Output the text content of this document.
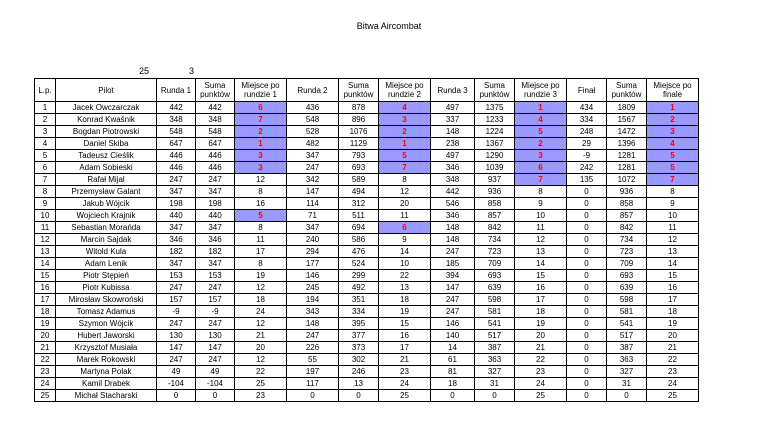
Bitwa Aircombat
25	3
L.p.	Pilot	Runda 1	Suma punktów	Miejsce po rundzie 1	Runda 2	Suma punktów	Miejsce po rundzie 2	Runda 3	Suma punktów	Miejsce po rundzie 3	Finał	Suma punktów	Miejsce po finale
1	Jacek Owczarczak	442	442	6	436	878	4	497	1375	1	434	1809	1
2	Konrad Kwaśnik	348	348	7	548	896	3	337	1233	4	334	1567	2
3	Bogdan Piotrowski	548	548	2	528	1076	2	148	1224	5	248	1472	3
4	Daniel Skiba	647	647	1	482	1129	1	238	1367	2	29	1396	4
5	Tadeusz Cieślik	446	446	3	347	793	5	497	1290	3	-9	1281	5
6	Adam Sobieski	446	446	3	247	693	7	346	1039	6	242	1281	5
7	Rafał Mijal	247	247	12	342	589	8	348	937	7	135	1072	7
8	Przemysław Galant	347	347	8	147	494	12	442	936	8	0	936	8
9	Jakub Wójcik	198	198	16	114	312	20	546	858	9	0	858	9
10	Wojciech Krajnik	440	440	5	71	511	11	346	857	10	0	857	10
11	Sebastian Morańda	347	347	8	347	694	6	148	842	11	0	842	11
12	Marcin Sajdak	346	346	11	240	586	9	148	734	12	0	734	12
13	Witold Kula	182	182	17	294	476	14	247	723	13	0	723	13
14	Adam Lenik	347	347	8	177	524	10	185	709	14	0	709	14
15	Piotr Stępień	153	153	19	146	299	22	394	693	15	0	693	15
16	Piotr Kubissa	247	247	12	245	492	13	147	639	16	0	639	16
17	Mirosław Skowroński	157	157	18	194	351	18	247	598	17	0	598	17
18	Tomasz Adamus	-9	-9	24	343	334	19	247	581	18	0	581	18
19	Szymon Wójcik	247	247	12	148	395	15	146	541	19	0	541	19
20	Hubert Jaworski	130	130	21	247	377	16	140	517	20	0	517	20
21	Krzysztof Musiała	147	147	20	226	373	17	14	387	21	0	387	21
22	Marek Rokowski	247	247	12	55	302	21	61	363	22	0	363	22
23	Martyna Polak	49	49	22	197	246	23	81	327	23	0	327	23
24	Kamil Drabek	-104	-104	25	117	13	24	18	31	24	0	31	24
25	Michał Stacharski	0	0	23	0	0	25	0	0	25	0	0	25
